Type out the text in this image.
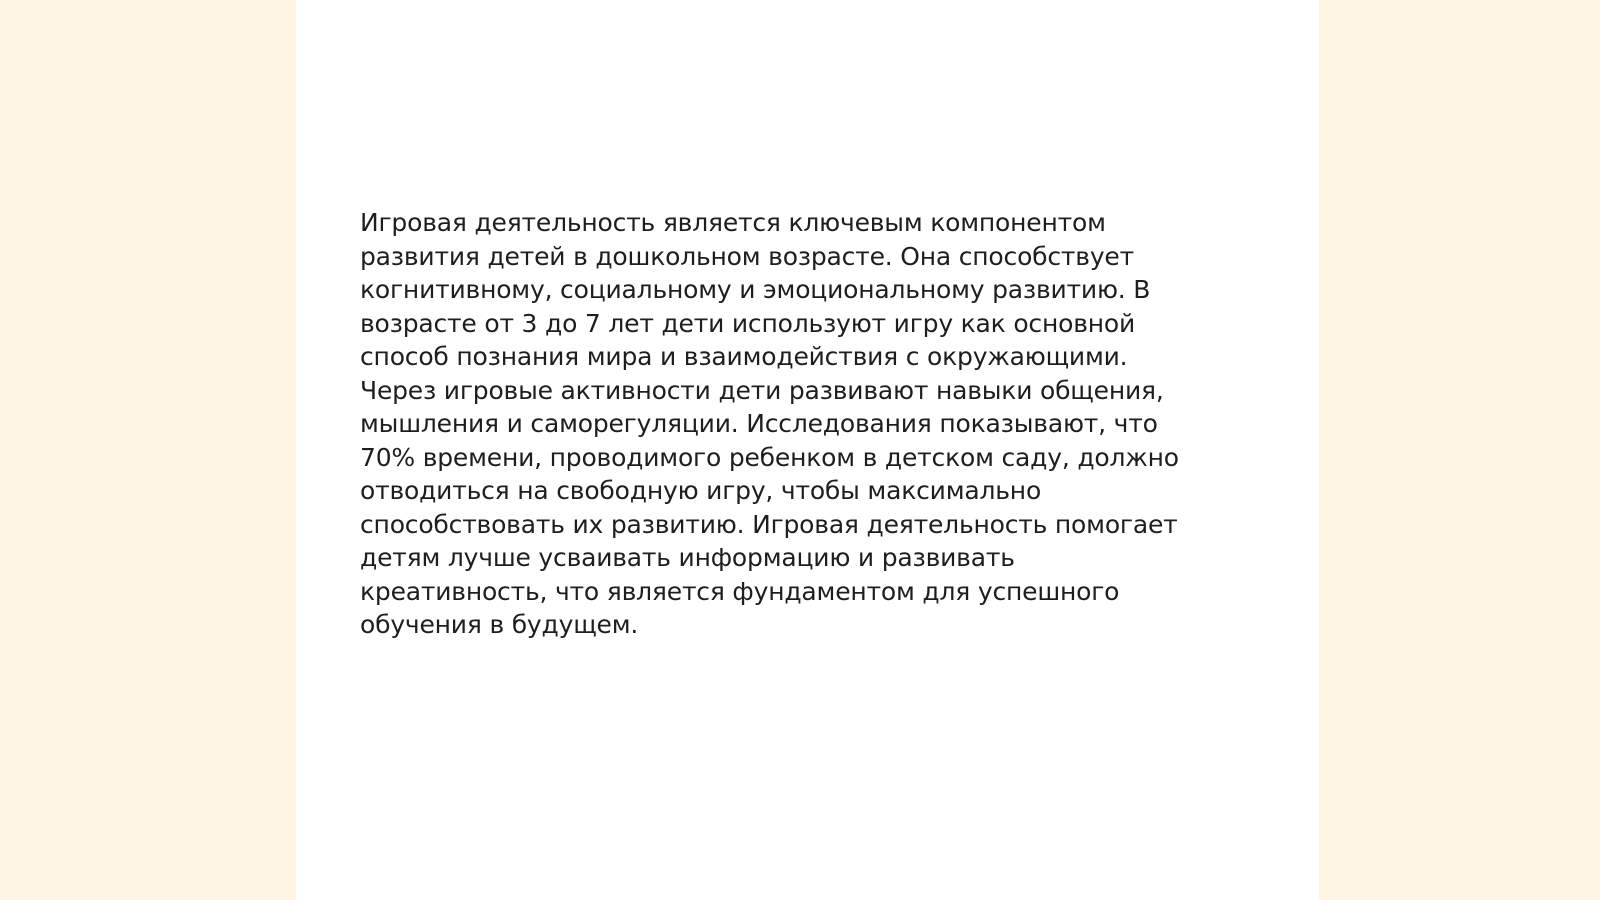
Игровая деятельность является ключевым компонентом
развития детей в дошкольном возрасте. Она способствует
когнитивному, социальному и эмоциональному развитию. В
возрасте от 3 до 7 лет дети используют игру как основной
способ познания мира и взаимодействия с окружающими.
Через игровые активности дети развивают навыки общения,
мышления и саморегуляции. Исследования показывают, что
70% времени, проводимого ребенком в детском саду, должно
отводиться на свободную игру, чтобы максимально
способствовать их развитию. Игровая деятельность помогает
детям лучше усваивать информацию и развивать
креативность, что является фундаментом для успешного
обучения в будущем.
